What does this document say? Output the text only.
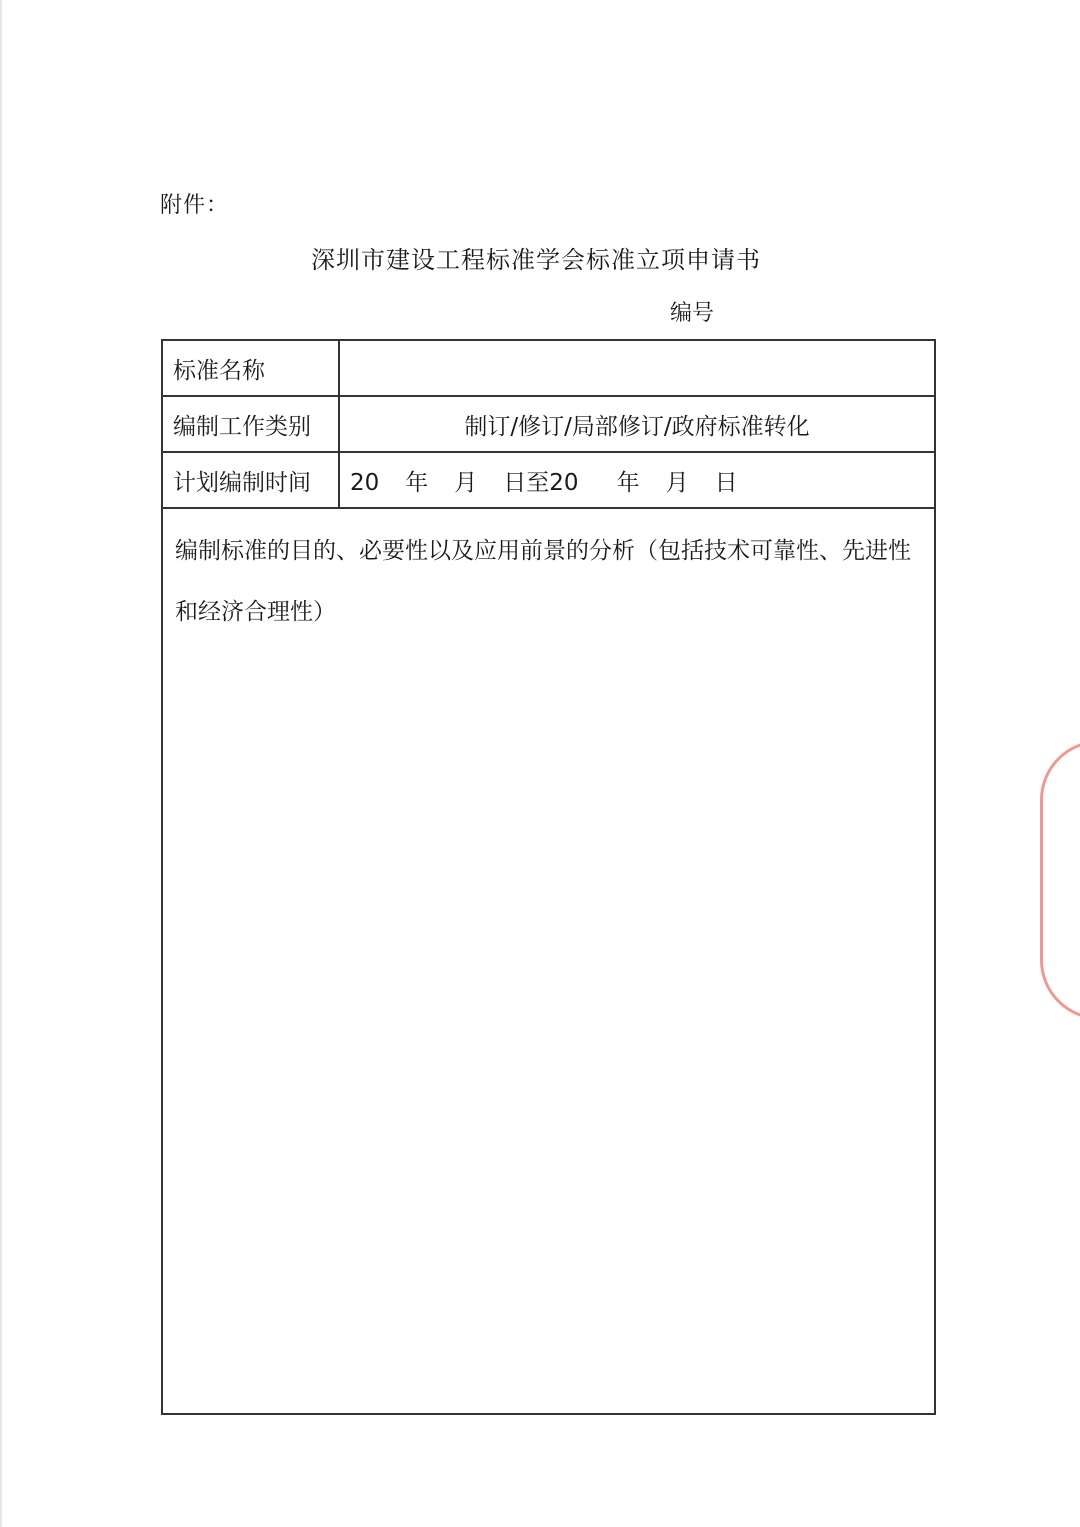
附件：
深圳市建设工程标准学会标准立项申请书
编号
标准名称	
编制工作类别	制订/修订/局部修订/政府标准转化
计划编制时间	20 年 月 日至20 年 月 日

编制标准的目的、必要性以及应用前景的分析（包括技术可靠性、先进性和经济合理性）	
